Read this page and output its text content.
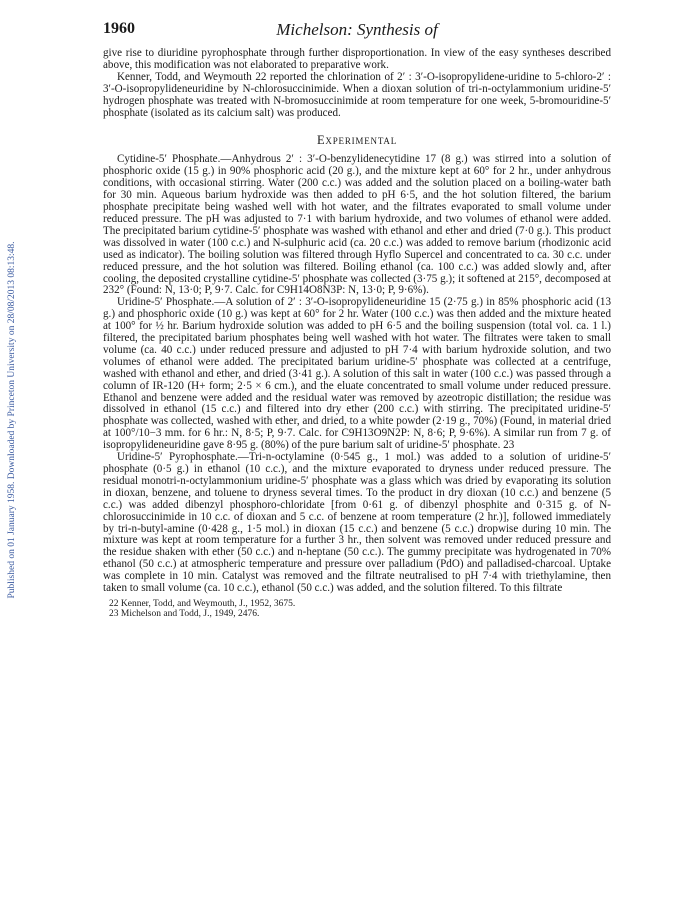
Published on 01 January 1958. Downloaded by Princeton University on 28/08/2013 08:13:48.
1960	Michelson: Synthesis of

give rise to diuridine pyrophosphate through further disproportionation. In view of the easy syntheses described above, this modification was not elaborated to preparative work.

Kenner, Todd, and Weymouth 22 reported the chlorination of 2′ : 3′-O-isopropylidene-uridine to 5-chloro-2′ : 3′-O-isopropylideneuridine by N-chlorosuccinimide. When a dioxan solution of tri-n-octylammonium uridine-5′ hydrogen phosphate was treated with N-bromosuccinimide at room temperature for one week, 5-bromouridine-5′ phosphate (isolated as its calcium salt) was produced.

Experimental

Cytidine-5′ Phosphate.—Anhydrous 2′ : 3′-O-benzylidenecytidine 17 (8 g.) was stirred into a solution of phosphoric oxide (15 g.) in 90% phosphoric acid (20 g.), and the mixture kept at 60° for 2 hr., under anhydrous conditions, with occasional stirring. Water (200 c.c.) was added and the solution placed on a boiling-water bath for 30 min. Aqueous barium hydroxide was then added to pH 6·5, and the hot solution filtered, the barium phosphate precipitate being washed well with hot water, and the filtrates evaporated to small volume under reduced pressure. The pH was adjusted to 7·1 with barium hydroxide, and two volumes of ethanol were added. The precipitated barium cytidine-5′ phosphate was washed with ethanol and ether and dried (7·0 g.). This product was dissolved in water (100 c.c.) and N-sulphuric acid (ca. 20 c.c.) was added to remove barium (rhodizonic acid used as indicator). The boiling solution was filtered through Hyflo Supercel and concentrated to ca. 30 c.c. under reduced pressure, and the hot solution was filtered. Boiling ethanol (ca. 100 c.c.) was added slowly and, after cooling, the deposited crystalline cytidine-5′ phosphate was collected (3·75 g.); it softened at 215°, decomposed at 232° (Found: N, 13·0; P, 9·7. Calc. for C9H14O8N3P: N, 13·0; P, 9·6%).

Uridine-5′ Phosphate.—A solution of 2′ : 3′-O-isopropylideneuridine 15 (2·75 g.) in 85% phosphoric acid (13 g.) and phosphoric oxide (10 g.) was kept at 60° for 2 hr. Water (100 c.c.) was then added and the mixture heated at 100° for ½ hr. Barium hydroxide solution was added to pH 6·5 and the boiling suspension (total vol. ca. 1 l.) filtered, the precipitated barium phosphates being well washed with hot water. The filtrates were taken to small volume (ca. 40 c.c.) under reduced pressure and adjusted to pH 7·4 with barium hydroxide solution, and two volumes of ethanol were added. The precipitated barium uridine-5′ phosphate was collected at a centrifuge, washed with ethanol and ether, and dried (3·41 g.). A solution of this salt in water (100 c.c.) was passed through a column of IR-120 (H+ form; 2·5 × 6 cm.), and the eluate concentrated to small volume under reduced pressure. Ethanol and benzene were added and the residual water was removed by azeotropic distillation; the residue was dissolved in ethanol (15 c.c.) and filtered into dry ether (200 c.c.) with stirring. The precipitated uridine-5′ phosphate was collected, washed with ether, and dried, to a white powder (2·19 g., 70%) (Found, in material dried at 100°/10−3 mm. for 6 hr.: N, 8·5; P, 9·7. Calc. for C9H13O9N2P: N, 8·6; P, 9·6%). A similar run from 7 g. of isopropylideneuridine gave 8·95 g. (80%) of the pure barium salt of uridine-5′ phosphate. 23

Uridine-5′ Pyrophosphate.—Tri-n-octylamine (0·545 g., 1 mol.) was added to a solution of uridine-5′ phosphate (0·5 g.) in ethanol (10 c.c.), and the mixture evaporated to dryness under reduced pressure. The residual monotri-n-octylammonium uridine-5′ phosphate was a glass which was dried by evaporating its solution in dioxan, benzene, and toluene to dryness several times. To the product in dry dioxan (10 c.c.) and benzene (5 c.c.) was added dibenzyl phosphoro-chloridate [from 0·61 g. of dibenzyl phosphite and 0·315 g. of N-chlorosuccinimide in 10 c.c. of dioxan and 5 c.c. of benzene at room temperature (2 hr.)], followed immediately by tri-n-butyl-amine (0·428 g., 1·5 mol.) in dioxan (15 c.c.) and benzene (5 c.c.) dropwise during 10 min. The mixture was kept at room temperature for a further 3 hr., then solvent was removed under reduced pressure and the residue shaken with ether (50 c.c.) and n-heptane (50 c.c.). The gummy precipitate was hydrogenated in 70% ethanol (50 c.c.) at atmospheric temperature and pressure over palladium (PdO) and palladised-charcoal. Uptake was complete in 10 min. Catalyst was removed and the filtrate neutralised to pH 7·4 with triethylamine, then taken to small volume (ca. 10 c.c.), ethanol (50 c.c.) was added, and the solution filtered. To this filtrate

22 Kenner, Todd, and Weymouth, J., 1952, 3675.
23 Michelson and Todd, J., 1949, 2476.
